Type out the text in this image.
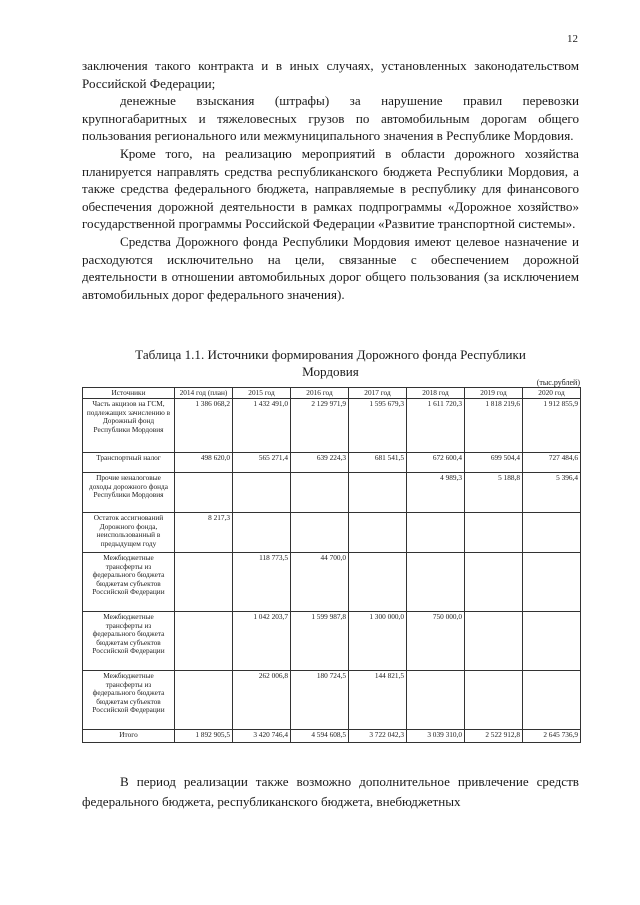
12

заключения такого контракта и в иных случаях, установленных законодательством Российской Федерации;

денежные взыскания (штрафы) за нарушение правил перевозки крупногабаритных и тяжеловесных грузов по автомобильным дорогам общего пользования регионального или межмуниципального значения в Республике Мордовия.

Кроме того, на реализацию мероприятий в области дорожного хозяйства планируется направлять средства республиканского бюджета Республики Мордовия, а также средства федерального бюджета, направляемые в республику для финансового обеспечения дорожной деятельности в рамках подпрограммы «Дорожное хозяйство» государственной программы Российской Федерации «Развитие транспортной системы».

Средства Дорожного фонда Республики Мордовия имеют целевое назначение и расходуются исключительно на цели, связанные с обеспечением дорожной деятельности в отношении автомобильных дорог общего пользования (за исключением автомобильных дорог федерального значения).

Таблица 1.1. Источники формирования Дорожного фонда Республики
Мордовия
(тыс.рублей)
Источники	2014 год (план)	2015 год	2016 год	2017 год	2018 год	2019 год	2020 год
Часть акцизов на ГСМ, подлежащих зачислению в Дорожный фонд Республики Мордовия	1 386 068,2	1 432 491,0	2 129 971,9	1 595 679,3	1 611 720,3	1 818 219,6	1 912 855,9
Транспортный налог	498 620,0	565 271,4	639 224,3	681 541,5	672 600,4	699 504,4	727 484,6
Прочие неналоговые доходы дорожного фонда Республики Мордовия					4 989,3	5 188,8	5 396,4
Остаток ассигнований Дорожного фонда, неиспользованный в предыдущем году	8 217,3						
Межбюджетные трансферты из федерального бюджета бюджетам субъектов Российской Федерации		118 773,5	44 700,0				
Межбюджетные трансферты из федерального бюджета бюджетам субъектов Российской Федерации		1 042 203,7	1 599 987,8	1 300 000,0	750 000,0		
Межбюджетные трансферты из федерального бюджета бюджетам субъектов Российской Федерации		262 006,8	180 724,5	144 821,5			
Итого	1 892 905,5	3 420 746,4	4 594 608,5	3 722 042,3	3 039 310,0	2 522 912,8	2 645 736,9

В период реализации также возможно дополнительное привлечение средств федерального бюджета, республиканского бюджета, внебюджетных
